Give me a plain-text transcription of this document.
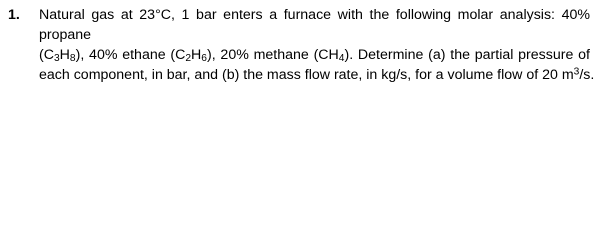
1.	Natural gas at 23°C, 1 bar enters a furnace with the following molar analysis: 40% propane
$(C_3H_8)$, 40% ethane $(C_2H_6)$, 20% methane $(CH_4)$. Determine (a) the partial pressure of
each component, in bar, and (b) the mass flow rate, in kg/s, for a volume flow of 20 $m^3/s$.
